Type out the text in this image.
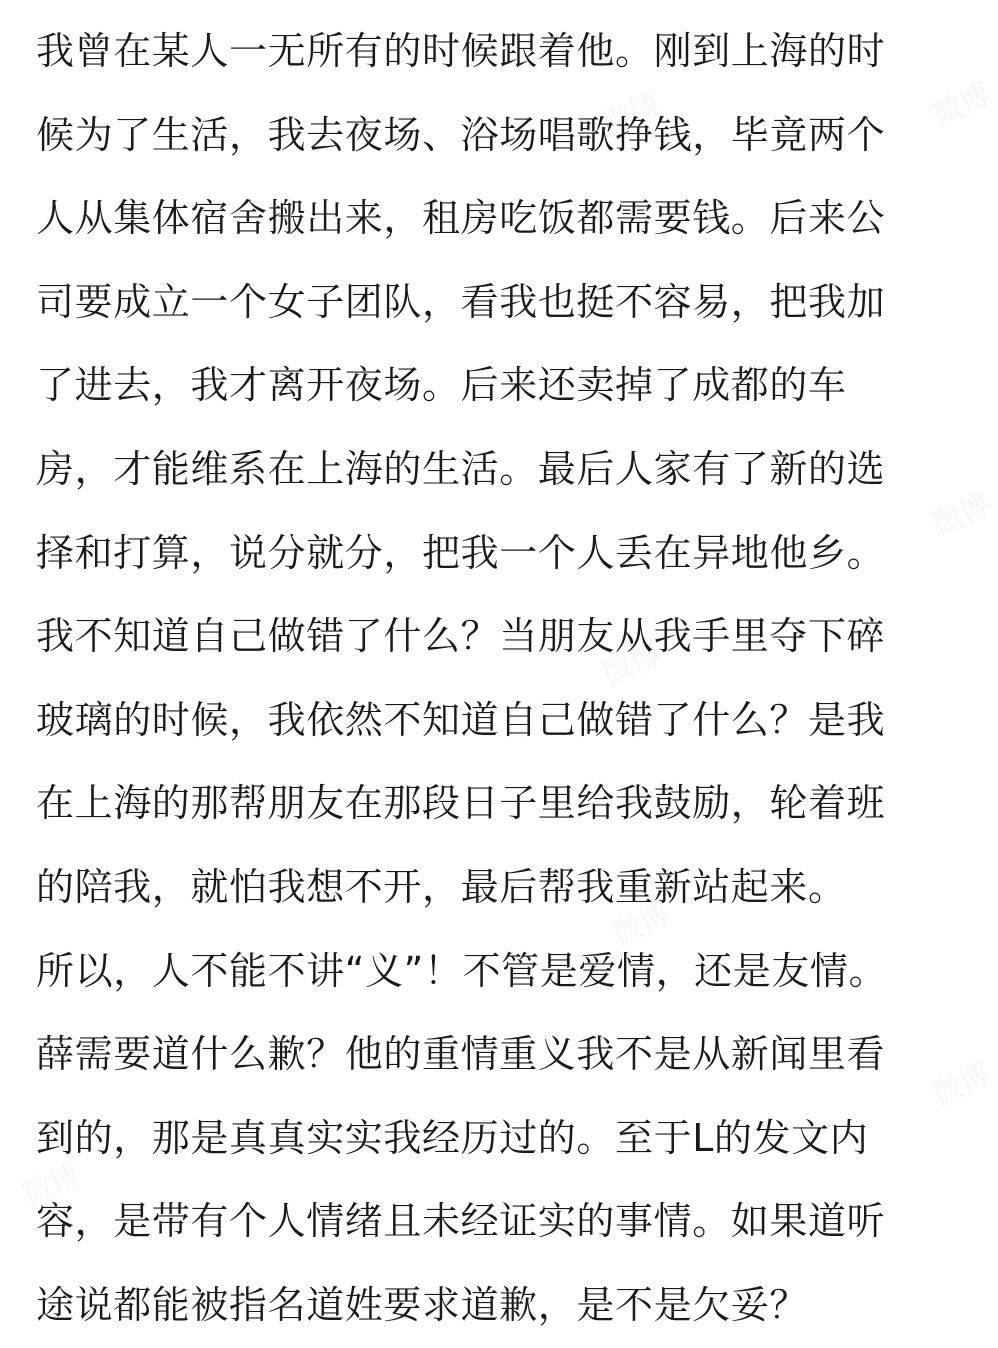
我曾在某人一无所有的时候跟着他。刚到上海的时
候为了生活，我去夜场、浴场唱歌挣钱，毕竟两个
人从集体宿舍搬出来，租房吃饭都需要钱。后来公
司要成立一个女子团队，看我也挺不容易，把我加
了进去，我才离开夜场。后来还卖掉了成都的车
房，才能维系在上海的生活。最后人家有了新的选
择和打算，说分就分，把我一个人丢在异地他乡。
我不知道自己做错了什么？当朋友从我手里夺下碎
玻璃的时候，我依然不知道自己做错了什么？是我
在上海的那帮朋友在那段日子里给我鼓励，轮着班
的陪我，就怕我想不开，最后帮我重新站起来。
所以，人不能不讲“义”！不管是爱情，还是友情。
薛需要道什么歉？他的重情重义我不是从新闻里看
到的，那是真真实实我经历过的。至于L的发文内
容，是带有个人情绪且未经证实的事情。如果道听
途说都能被指名道姓要求道歉，是不是欠妥？
